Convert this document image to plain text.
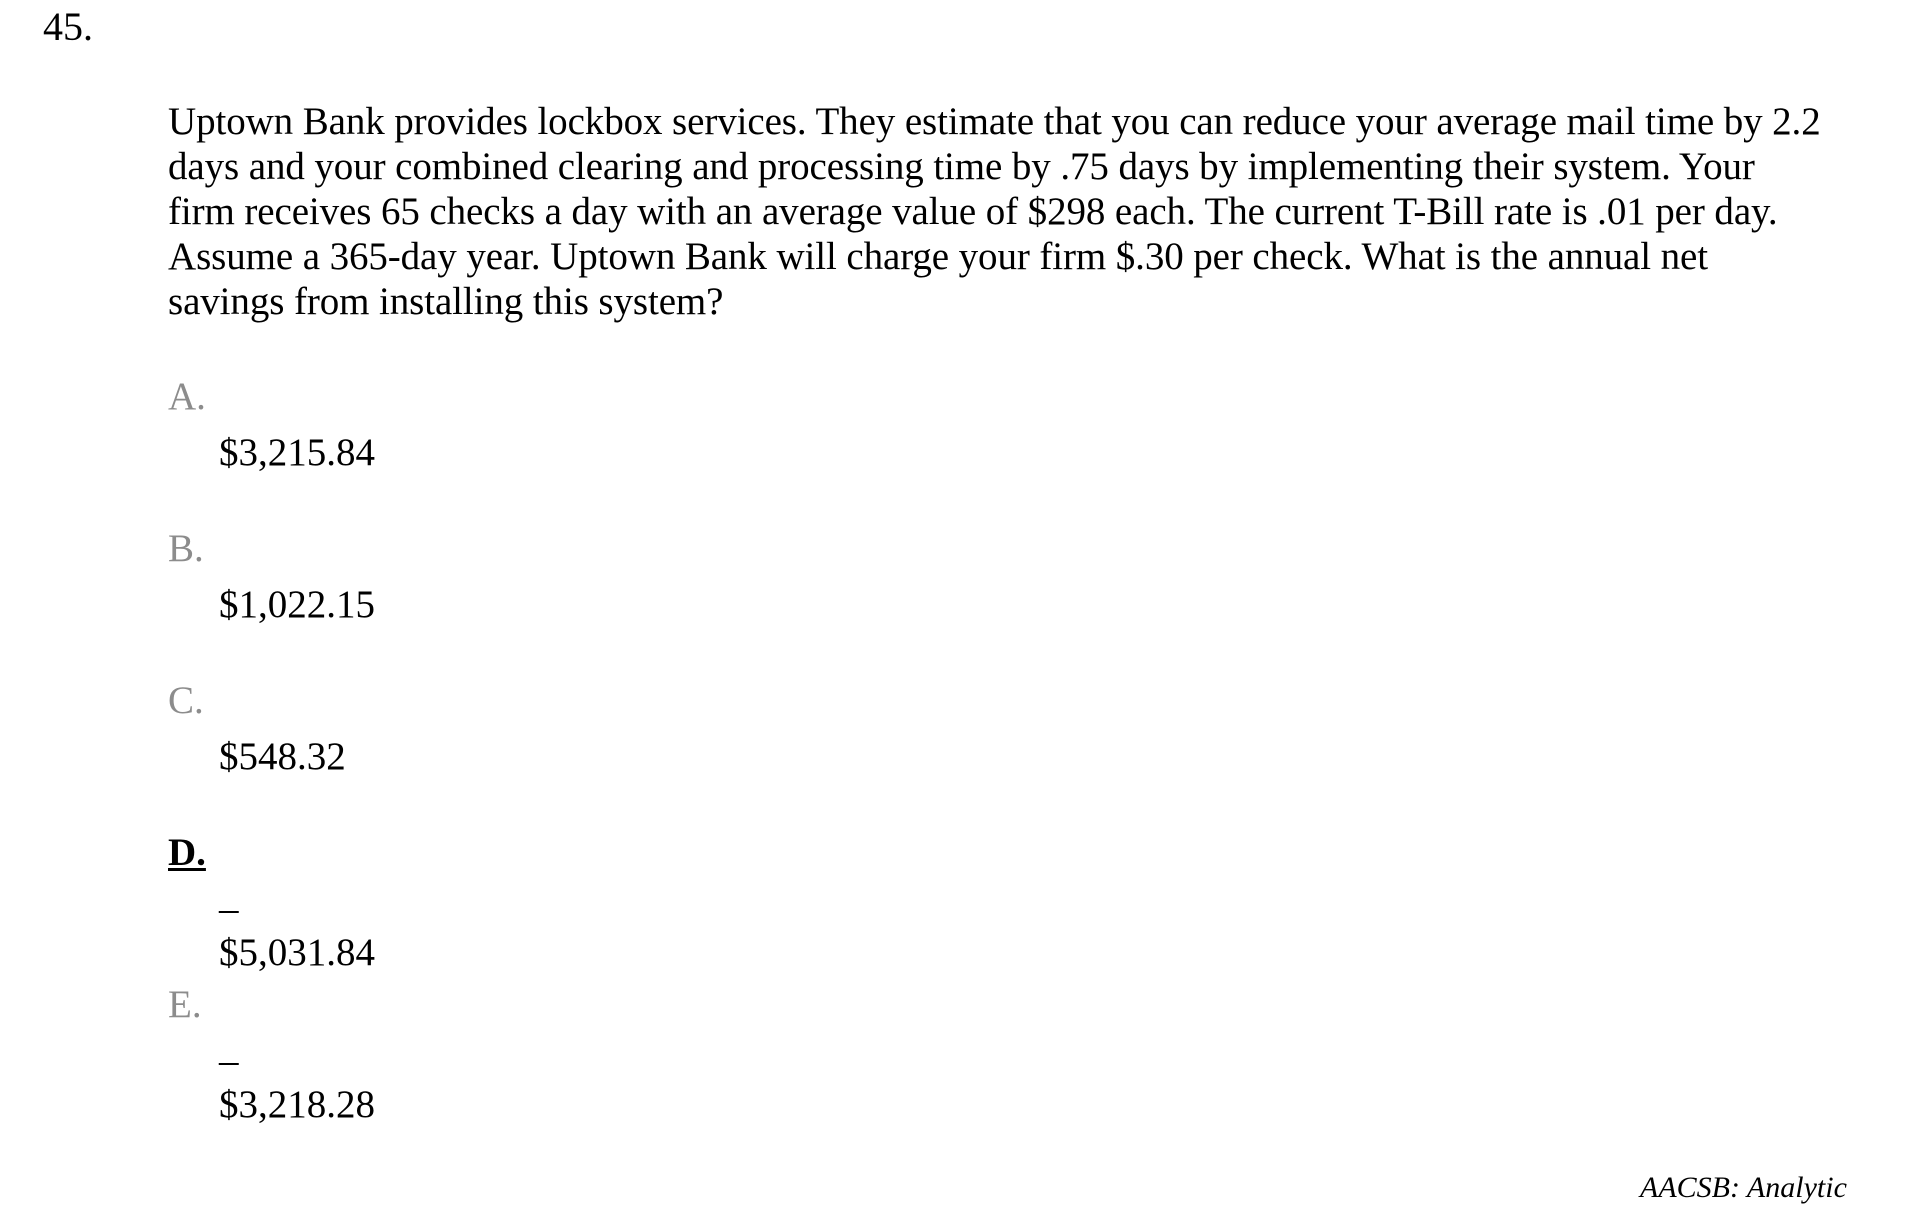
45.

Uptown Bank provides lockbox services. They estimate that you can reduce your average mail time by 2.2 days and your combined clearing and processing time by .75 days by implementing their system. Your firm receives 65 checks a day with an average value of $298 each. The current T-Bill rate is .01 per day. Assume a 365-day year. Uptown Bank will charge your firm $.30 per check. What is the annual net savings from installing this system?

A.
$3,215.84
B.
$1,022.15
C.
$548.32
D.
–$5,031.84
E.
–$3,218.28
AACSB: Analytic
